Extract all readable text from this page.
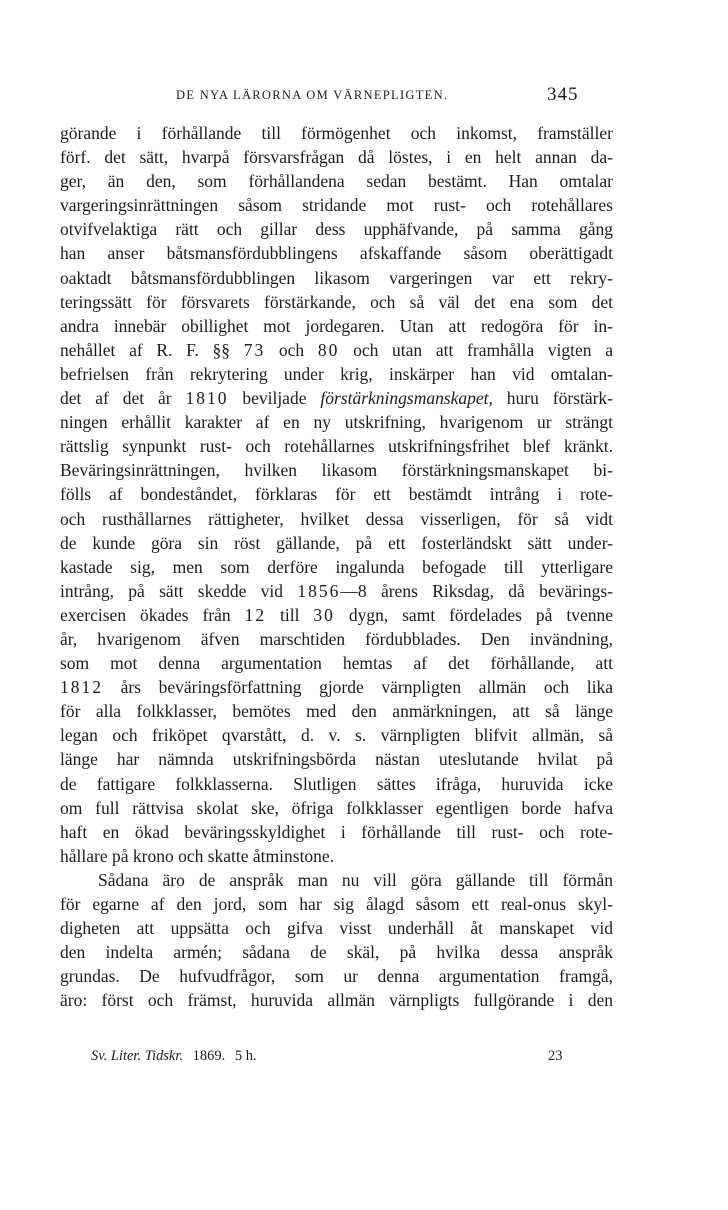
DE NYA LÄRORNA OM VÄRNEPLIGTEN.	345
görande i förhållande till förmögenhet och inkomst, framställer
förf. det sätt, hvarpå försvarsfrågan då löstes, i en helt annan da-
ger, än den, som förhållandena sedan bestämt. Han omtalar
vargeringsinrättningen såsom stridande mot rust- och rotehållares
otvifvelaktiga rätt och gillar dess upphäfvande, på samma gång
han anser båtsmansfördubblingens afskaffande såsom oberättigadt
oaktadt båtsmansfördubblingen likasom vargeringen var ett rekry-
teringssätt för försvarets förstärkande, och så väl det ena som det
andra innebär obillighet mot jordegaren. Utan att redogöra för in-
nehållet af R. F. §§ 73 och 80 och utan att framhålla vigten a
befrielsen från rekrytering under krig, inskärper han vid omtalan-
det af det år 1810 beviljade förstärkningsmanskapet, huru förstärk-
ningen erhållit karakter af en ny utskrifning, hvarigenom ur strängt
rättslig synpunkt rust- och rotehållarnes utskrifningsfrihet blef kränkt.
Beväringsinrättningen, hvilken likasom förstärkningsmanskapet bi-
fölls af bondeståndet, förklaras för ett bestämdt intrång i rote-
och rusthållarnes rättigheter, hvilket dessa visserligen, för så vidt
de kunde göra sin röst gällande, på ett fosterländskt sätt under-
kastade sig, men som derföre ingalunda befogade till ytterligare
intrång, på sätt skedde vid 1856—8 årens Riksdag, då bevärings-
exercisen ökades från 12 till 30 dygn, samt fördelades på tvenne
år, hvarigenom äfven marschtiden fördubblades. Den invändning,
som mot denna argumentation hemtas af det förhållande, att
1812 års beväringsförfattning gjorde värnpligten allmän och lika
för alla folkklasser, bemötes med den anmärkningen, att så länge
legan och friköpet qvarstått, d. v. s. värnpligten blifvit allmän, så
länge har nämnda utskrifningsbörda nästan uteslutande hvilat på
de fattigare folkklasserna. Slutligen sättes ifråga, huruvida icke
om full rättvisa skolat ske, öfriga folkklasser egentligen borde hafva
haft en ökad beväringsskyldighet i förhållande till rust- och rote-
hållare på krono och skatte åtminstone.
Sådana äro de anspråk man nu vill göra gällande till förmån
för egarne af den jord, som har sig ålagd såsom ett real-onus skyl-
digheten att uppsätta och gifva visst underhåll åt manskapet vid
den indelta armén; sådana de skäl, på hvilka dessa anspråk
grundas. De hufvudfrågor, som ur denna argumentation framgå,
äro: först och främst, huruvida allmän värnpligts fullgörande i den
Sv. Liter. Tidskr. 1869. 5 h.	23
